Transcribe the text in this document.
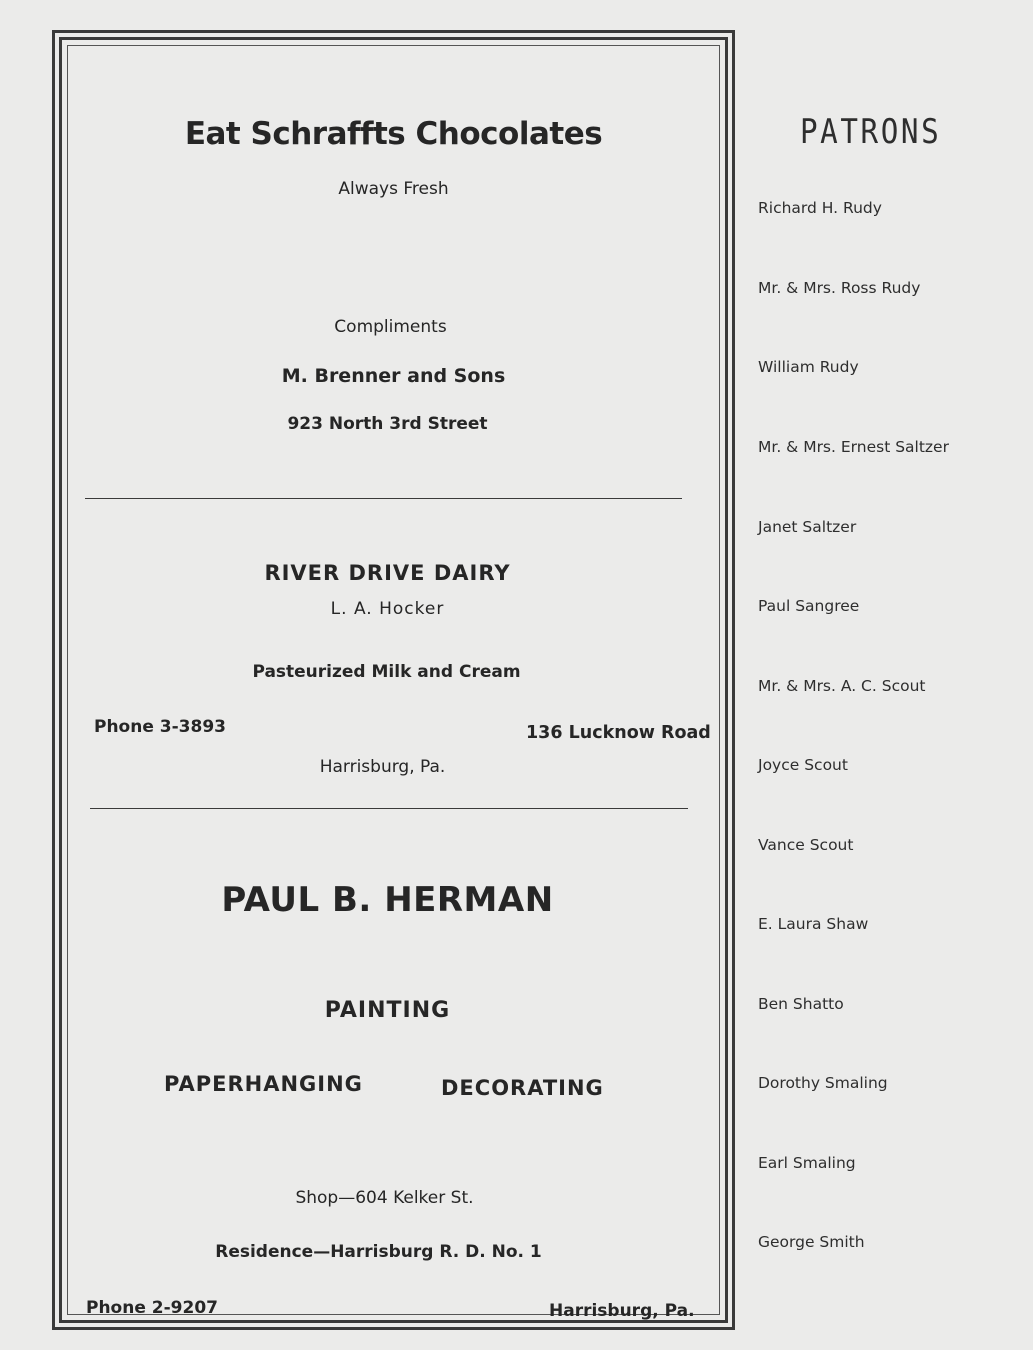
Eat Schraffts Chocolates
Always Fresh
Compliments
M. Brenner and Sons
923 North 3rd Street
RIVER DRIVE DAIRY
L. A. Hocker
Pasteurized Milk and Cream
Phone 3-3893	136 Lucknow Road
Harrisburg, Pa.
PAUL B. HERMAN
PAINTING
PAPERHANGING	DECORATING
Shop—604 Kelker St.
Residence—Harrisburg R. D. No. 1
Phone 2-9207	Harrisburg, Pa.
PATRONS
Richard H. Rudy
Mr. & Mrs. Ross Rudy
William Rudy
Mr. & Mrs. Ernest Saltzer
Janet Saltzer
Paul Sangree
Mr. & Mrs. A. C. Scout
Joyce Scout
Vance Scout
E. Laura Shaw
Ben Shatto
Dorothy Smaling
Earl Smaling
George Smith
